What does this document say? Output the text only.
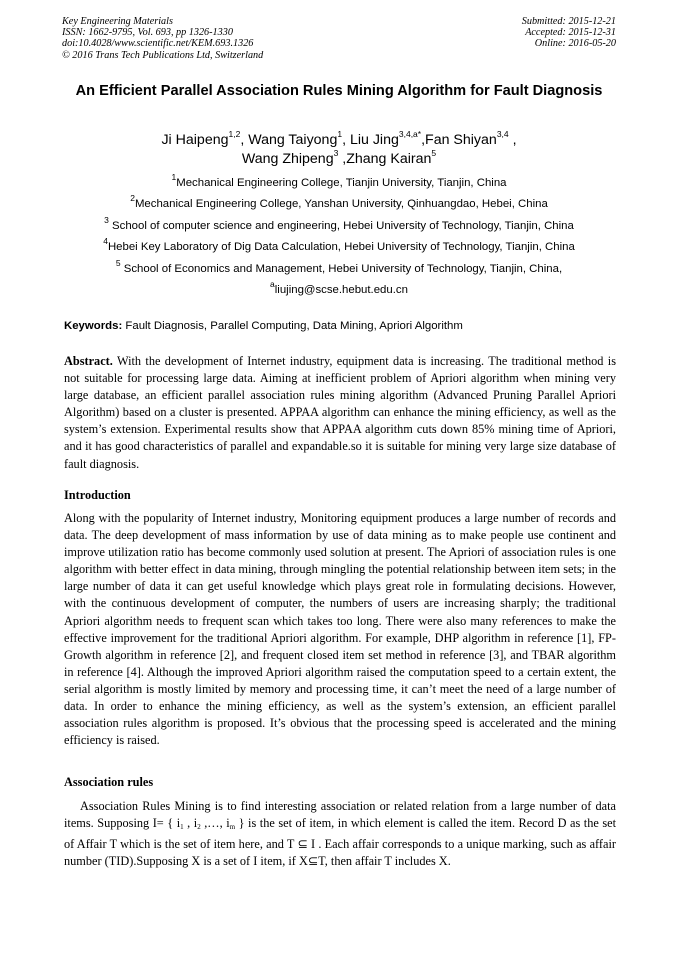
Key Engineering Materials
ISSN: 1662-9795, Vol. 693, pp 1326-1330
doi:10.4028/www.scientific.net/KEM.693.1326
© 2016 Trans Tech Publications Ltd, Switzerland
Submitted: 2015-12-21
Accepted: 2015-12-31
Online: 2016-05-20
An Efficient Parallel Association Rules Mining Algorithm for Fault Diagnosis
Ji Haipeng$^{1,2}$, Wang Taiyong$^1$, Liu Jing$^{3,4,a*}$,Fan Shiyan$^{3,4}$ ,
Wang Zhipeng$^3$ ,Zhang Kairan$^5$
$^1$Mechanical Engineering College, Tianjin University, Tianjin, China
$^2$Mechanical Engineering College, Yanshan University, Qinhuangdao, Hebei, China
$^3$ School of computer science and engineering, Hebei University of Technology, Tianjin, China
$^4$Hebei Key Laboratory of Dig Data Calculation, Hebei University of Technology, Tianjin, China
$^5$ School of Economics and Management, Hebei University of Technology, Tianjin, China,
$^a$liujing@scse.hebut.edu.cn
Keywords: Fault Diagnosis, Parallel Computing, Data Mining, Apriori Algorithm
Abstract. With the development of Internet industry, equipment data is increasing. The traditional method is not suitable for processing large data. Aiming at inefficient problem of Apriori algorithm when mining very large database, an efficient parallel association rules mining algorithm (Advanced Pruning Parallel Apriori Algorithm) based on a cluster is presented. APPAA algorithm can enhance the mining efficiency, as well as the system’s extension. Experimental results show that APPAA algorithm cuts down 85% mining time of Apriori, and it has good characteristics of parallel and expandable.so it is suitable for mining very large size database of fault diagnosis.
Introduction
Along with the popularity of Internet industry, Monitoring equipment produces a large number of records and data. The deep development of mass information by use of data mining as to make people use continent and improve utilization ratio has become commonly used solution at present. The Apriori of association rules is one algorithm with better effect in data mining, through mingling the potential relationship between item sets; in the large number of data it can get useful knowledge which plays great role in formulating decisions. However, with the continuous development of computer, the numbers of users are increasing sharply; the traditional Apriori algorithm needs to frequent scan which takes too long. There were also many references to make the effective improvement for the traditional Apriori algorithm. For example, DHP algorithm in reference [1], FP-Growth algorithm in reference [2], and frequent closed item set method in reference [3], and TBAR algorithm in reference [4]. Although the improved Apriori algorithm raised the computation speed to a certain extent, the serial algorithm is mostly limited by memory and processing time, it can’t meet the need of a large number of data. In order to enhance the mining efficiency, as well as the system’s extension, an efficient parallel association rules algorithm is proposed. It’s obvious that the processing speed is accelerated and the mining efficiency is raised.
Association rules
Association Rules Mining is to find interesting association or related relation from a large number of data items. Supposing I= { $i_1$ , $i_2$ ,…, $i_m$ } is the set of item, in which element is called the item. Record D as the set of Affair T which is the set of item here, and T ⊆ I . Each affair corresponds to a unique marking, such as affair number (TID).Supposing X is a set of I item, if X⊆T, then affair T includes X.
